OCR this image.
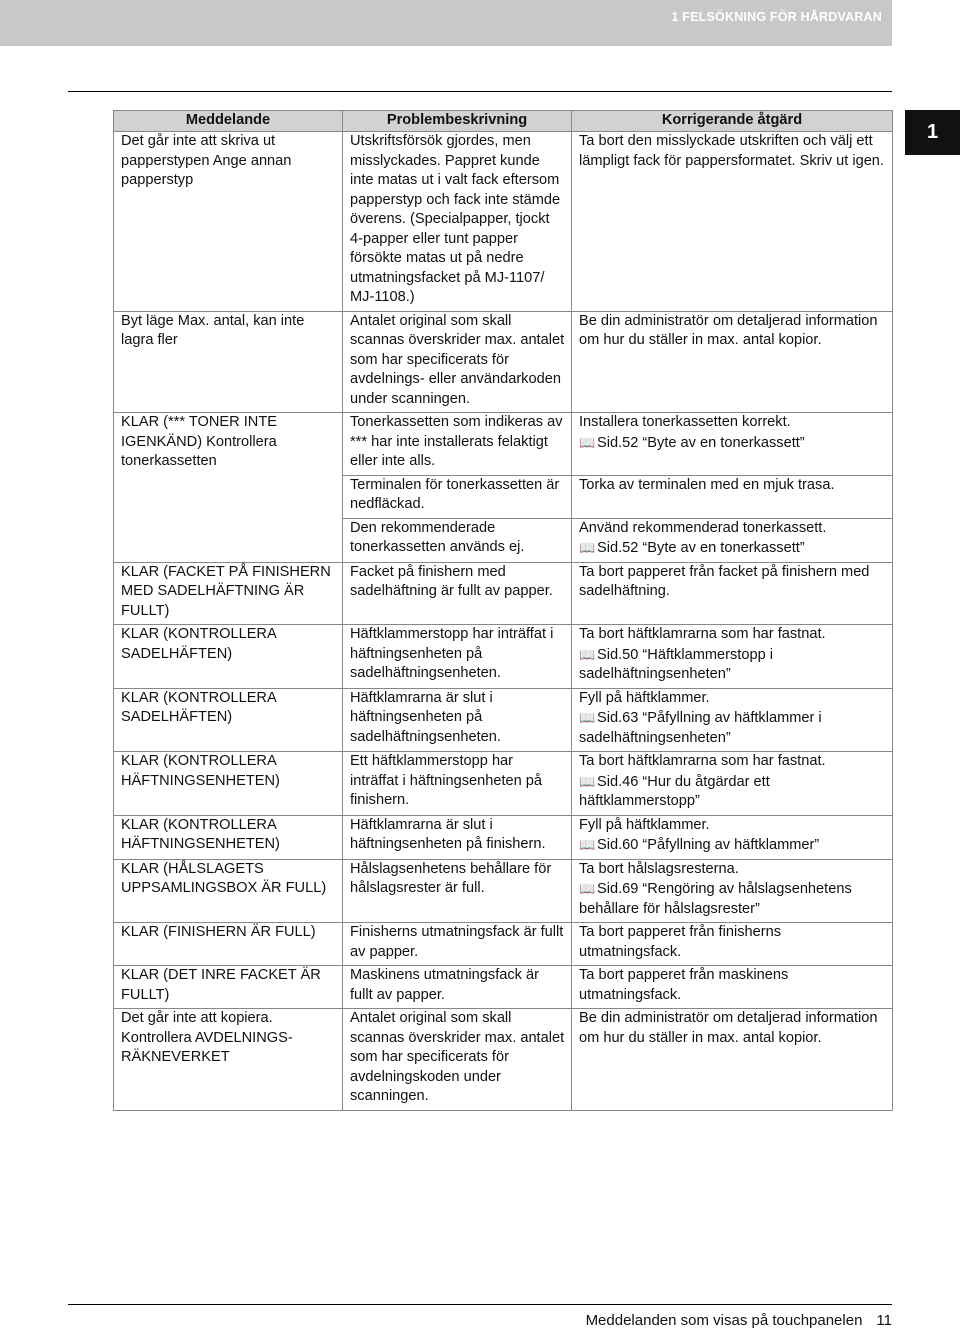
1 FELSÖKNING FÖR HÅRDVARAN
1
Meddelande	Problembeskrivning	Korrigerande åtgärd
Det går inte att skriva ut papperstypen Ange annan papperstyp	Utskriftsförsök gjordes, men misslyckades. Pappret kunde inte matas ut i valt fack eftersom papperstyp och fack inte stämde överens. (Specialpapper, tjockt 4-papper eller tunt papper försökte matas ut på nedre utmatningsfacket på MJ-1107/ MJ-1108.)	Ta bort den misslyckade utskriften och välj ett lämpligt fack för pappersformatet. Skriv ut igen.
Byt läge Max. antal, kan inte lagra fler	Antalet original som skall scannas överskrider max. antalet som har specificerats för avdelnings- eller användarkoden under scanningen.	Be din administratör om detaljerad information om hur du ställer in max. antal kopior.
KLAR (*** TONER INTE IGENKÄND) Kontrollera tonerkassetten	Tonerkassetten som indikeras av *** har inte installerats felaktigt eller inte alls.	Installera tonerkassetten korrekt.
📖 Sid.52 “Byte av en tonerkassett”

	Terminalen för tonerkassetten är nedfläckad.	Torka av terminalen med en mjuk trasa.
	Den rekommenderade tonerkassetten används ej.	Använd rekommenderad tonerkassett.
📖 Sid.52 “Byte av en tonerkassett”

KLAR (FACKET PÅ FINISHERN MED SADELHÄFTNING ÄR FULLT)	Facket på finishern med sadelhäftning är fullt av papper.	Ta bort papperet från facket på finishern med sadelhäftning.
KLAR (KONTROLLERA SADELHÄFTEN)	Häftklammerstopp har inträffat i häftningsenheten på sadelhäftningsenheten.	Ta bort häftklamrarna som har fastnat.
📖 Sid.50 “Häftklammerstopp i sadelhäftningsenheten”

KLAR (KONTROLLERA SADELHÄFTEN)	Häftklamrarna är slut i häftningsenheten på sadelhäftningsenheten.	Fyll på häftklammer.
📖 Sid.63 “Påfyllning av häftklammer i sadelhäftningsenheten”

KLAR (KONTROLLERA HÄFTNINGSENHETEN)	Ett häftklammerstopp har inträffat i häftningsenheten på finishern.	Ta bort häftklamrarna som har fastnat.
📖 Sid.46 “Hur du åtgärdar ett häftklammerstopp”

KLAR (KONTROLLERA HÄFTNINGSENHETEN)	Häftklamrarna är slut i häftningsenheten på finishern.	Fyll på häftklammer.
📖 Sid.60 “Påfyllning av häftklammer”

KLAR (HÅLSLAGETS UPPSAMLINGSBOX ÄR FULL)	Hålslagsenhetens behållare för hålslagsrester är full.	Ta bort hålslagsresterna.
📖 Sid.69 “Rengöring av hålslagsenhetens behållare för hålslagsrester”

KLAR (FINISHERN ÄR FULL)	Finisherns utmatningsfack är fullt av papper.	Ta bort papperet från finisherns utmatningsfack.
KLAR (DET INRE FACKET ÄR FULLT)	Maskinens utmatningsfack är fullt av papper.	Ta bort papperet från maskinens utmatningsfack.
Det går inte att kopiera. Kontrollera AVDELNINGS-RÄKNEVERKET	Antalet original som skall scannas överskrider max. antalet som har specificerats för avdelningskoden under scanningen.	Be din administratör om detaljerad information om hur du ställer in max. antal kopior.
Meddelanden som visas på touchpanelen 11
